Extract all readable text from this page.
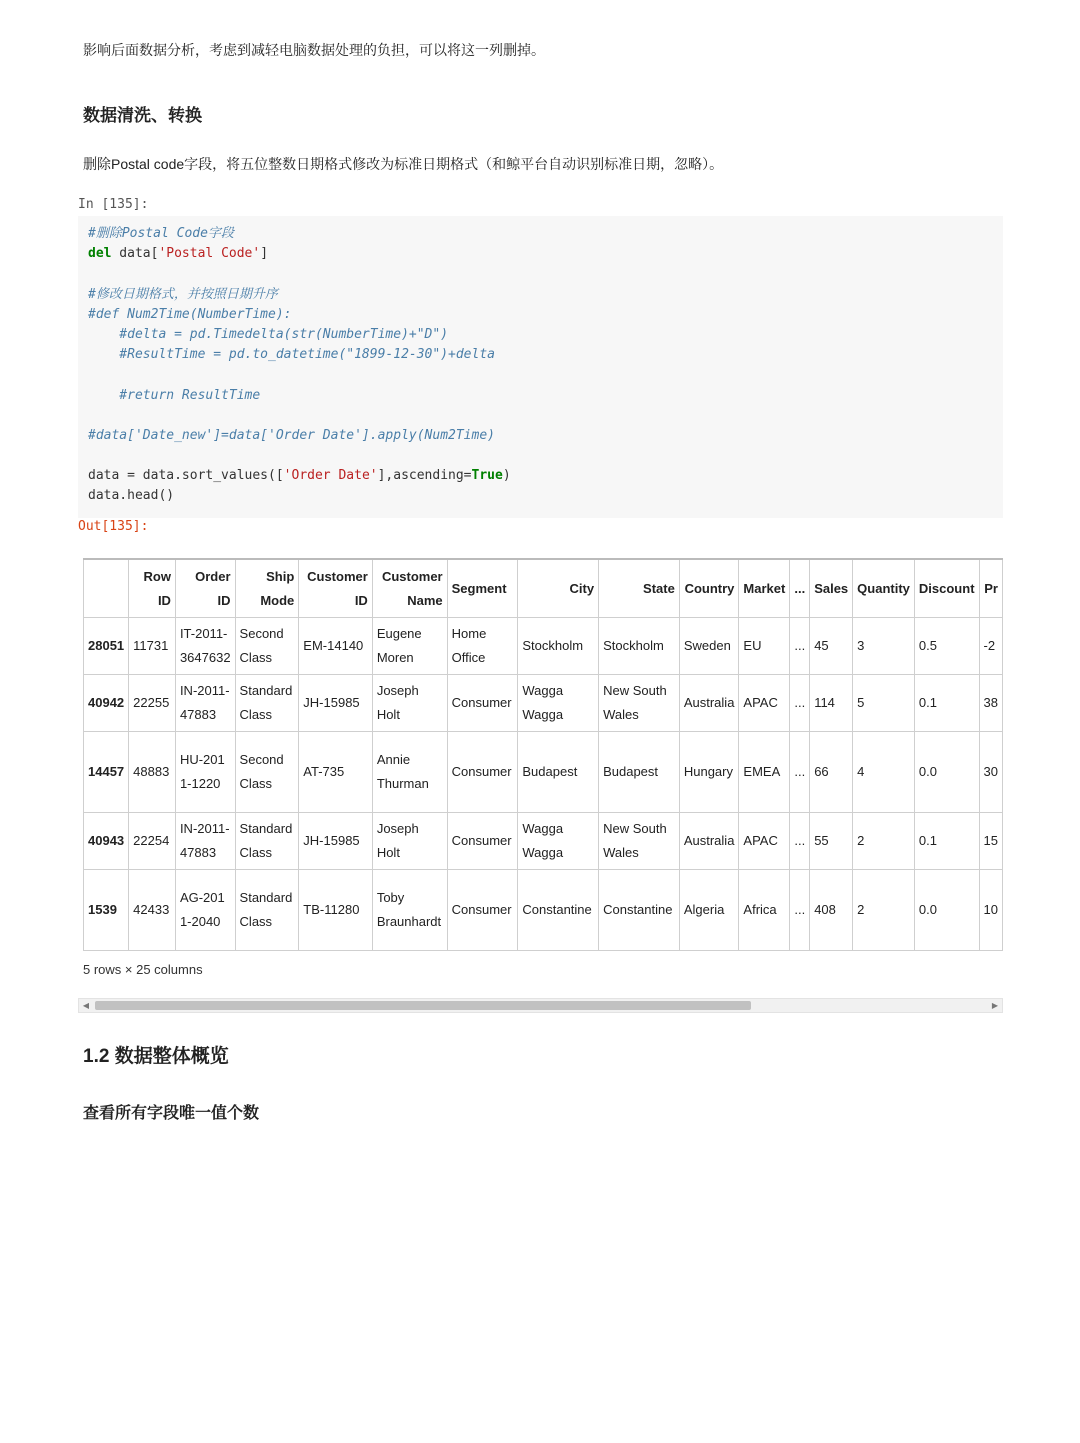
影响后面数据分析，考虑到减轻电脑数据处理的负担，可以将这一列删掉。
数据清洗、转换
删除Postal code字段，将五位整数日期格式修改为标准日期格式（和鲸平台自动识别标准日期，忽略）。
In [135]:
#删除Postal Code字段
del data['Postal Code']
#修改日期格式，并按照日期升序
#def Num2Time(NumberTime):
#delta = pd.Timedelta(str(NumberTime)+"D")
#ResultTime = pd.to_datetime("1899-12-30")+delta
#return ResultTime
#data['Date_new']=data['Order Date'].apply(Num2Time)
data = data.sort_values(['Order Date'],ascending=True)
data.head()
Out[135]:
	Row ID	Order ID	Ship Mode	Customer ID	Customer Name	Segment	City	State	Country	Market	...	Sales	Quantity	Discount	Pr
28051	11731	IT-2011-3647632	Second Class	EM-14140	Eugene Moren	Home Office	Stockholm	Stockholm	Sweden	EU	...	45	3	0.5	-2
40942	22255	IN-2011-47883	Standard Class	JH-15985	Joseph Holt	Consumer	Wagga Wagga	New South Wales	Australia	APAC	...	114	5	0.1	38
14457	48883	HU-2011-1220	Second Class	AT-735	Annie Thurman	Consumer	Budapest	Budapest	Hungary	EMEA	...	66	4	0.0	30
40943	22254	IN-2011-47883	Standard Class	JH-15985	Joseph Holt	Consumer	Wagga Wagga	New South Wales	Australia	APAC	...	55	2	0.1	15
1539	42433	AG-2011-2040	Standard Class	TB-11280	Toby Braunhardt	Consumer	Constantine	Constantine	Algeria	Africa	...	408	2	0.0	10
5 rows × 25 columns
◀	▶
1.2 数据整体概览
查看所有字段唯一值个数
